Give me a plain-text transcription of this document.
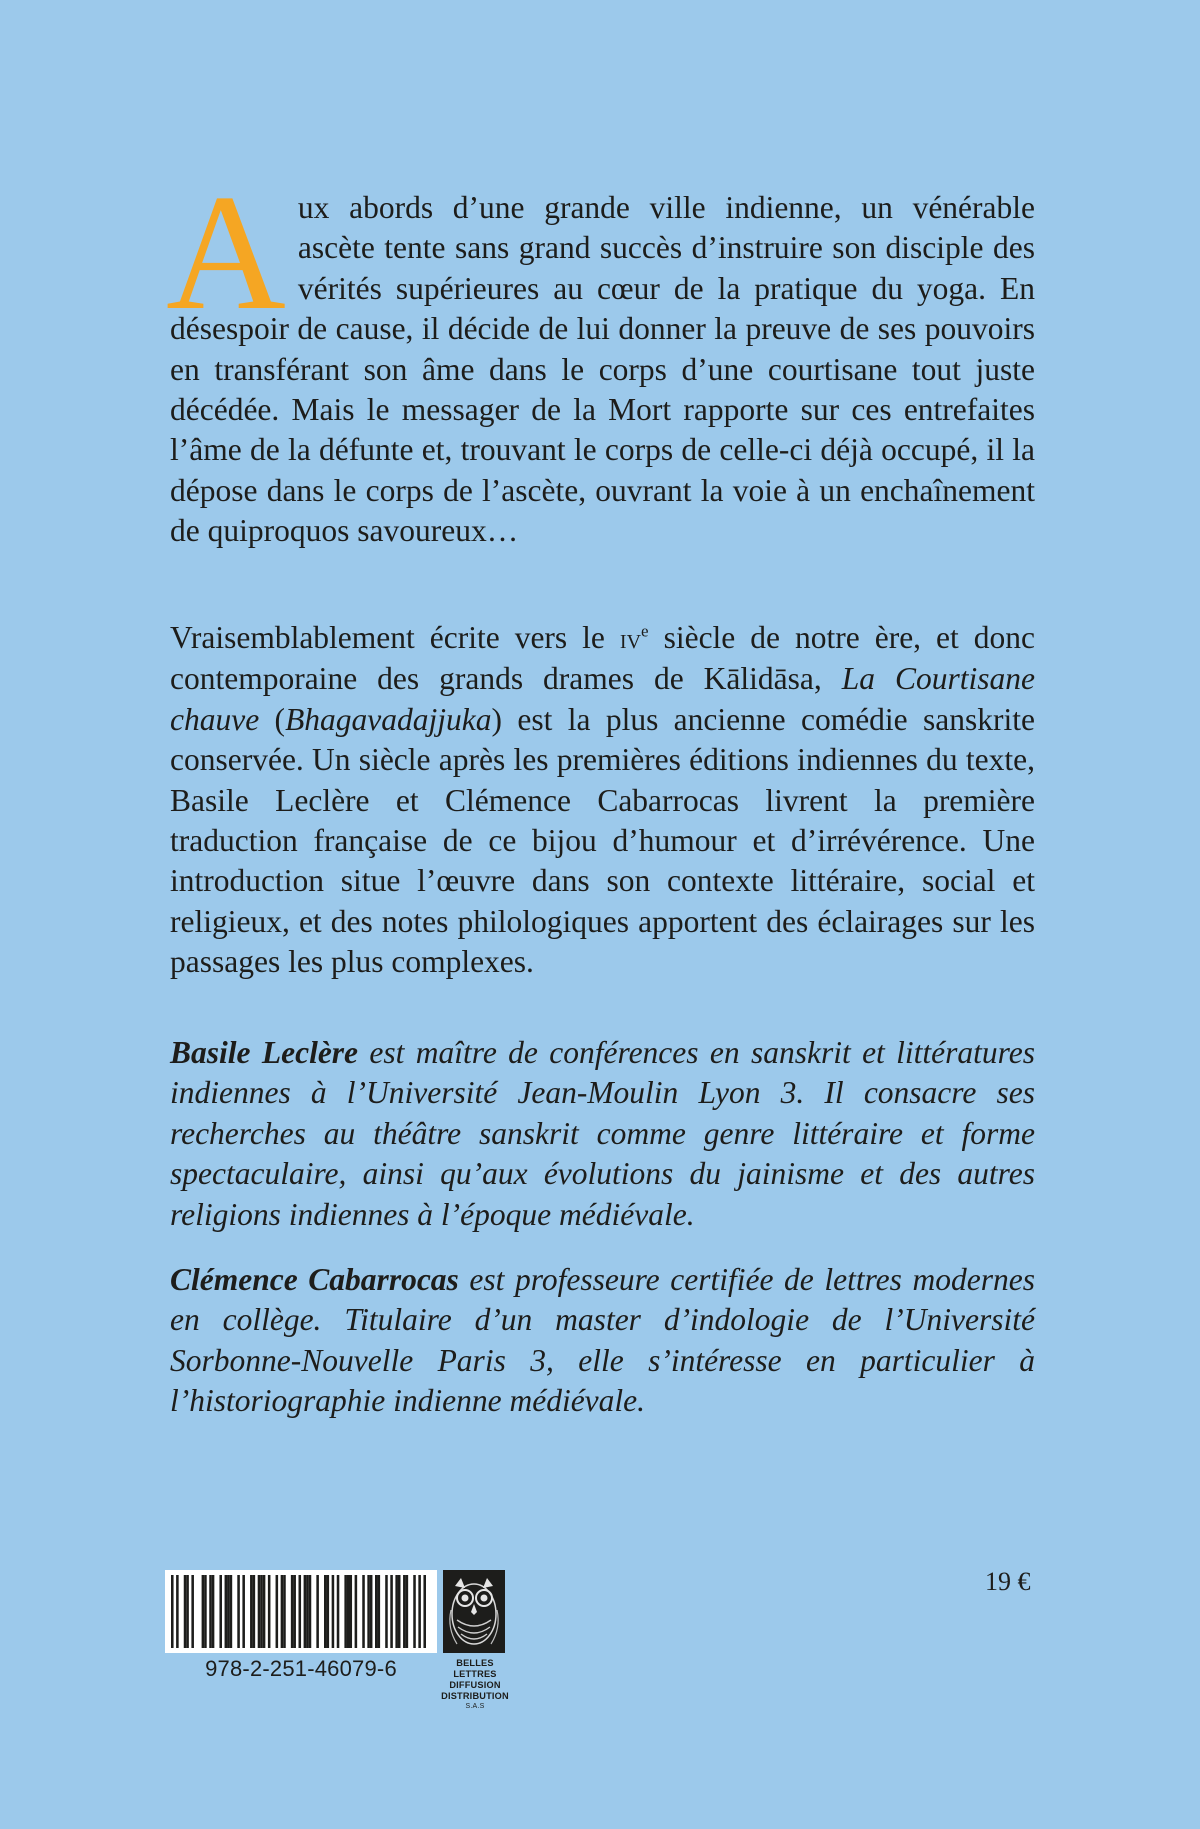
Aux abords d’une grande ville indienne, un vénérable ascète tente sans grand succès d’instruire son disciple des vérités supérieures au cœur de la pratique du yoga. En désespoir de cause, il décide de lui donner la preuve de ses pouvoirs en transférant son âme dans le corps d’une courtisane tout juste décédée. Mais le messager de la Mort rapporte sur ces entrefaites l’âme de la défunte et, trouvant le corps de celle-ci déjà occupé, il la dépose dans le corps de l’ascète, ouvrant la voie à un enchaînement de quiproquos savoureux…
Vraisemblablement écrite vers le $iv^e$ siècle de notre ère, et donc contemporaine des grands drames de Kālidāsa, La Courtisane chauve (Bhagavadajjuka) est la plus ancienne comédie sanskrite conservée. Un siècle après les premières éditions indiennes du texte, Basile Leclère et Clémence Cabarrocas livrent la première traduction française de ce bijou d’humour et d’irrévérence. Une introduction situe l’œuvre dans son contexte littéraire, social et religieux, et des notes philologiques apportent des éclairages sur les passages les plus complexes.
Basile Leclère est maître de conférences en sanskrit et littératures indiennes à l’Université Jean-Moulin Lyon 3. Il consacre ses recherches au théâtre sanskrit comme genre littéraire et forme spectaculaire, ainsi qu’aux évolutions du jainisme et des autres religions indiennes à l’époque médiévale.
Clémence Cabarrocas est professeure certifiée de lettres modernes en collège. Titulaire d’un master d’indologie de l’Université Sorbonne-Nouvelle Paris 3, elle s’intéresse en particulier à l’historiographie indienne médiévale.
978-2-251-46079-6	BELLES LETTRES
DIFFUSION
DISTRIBUTION
S.A.S
19 €
